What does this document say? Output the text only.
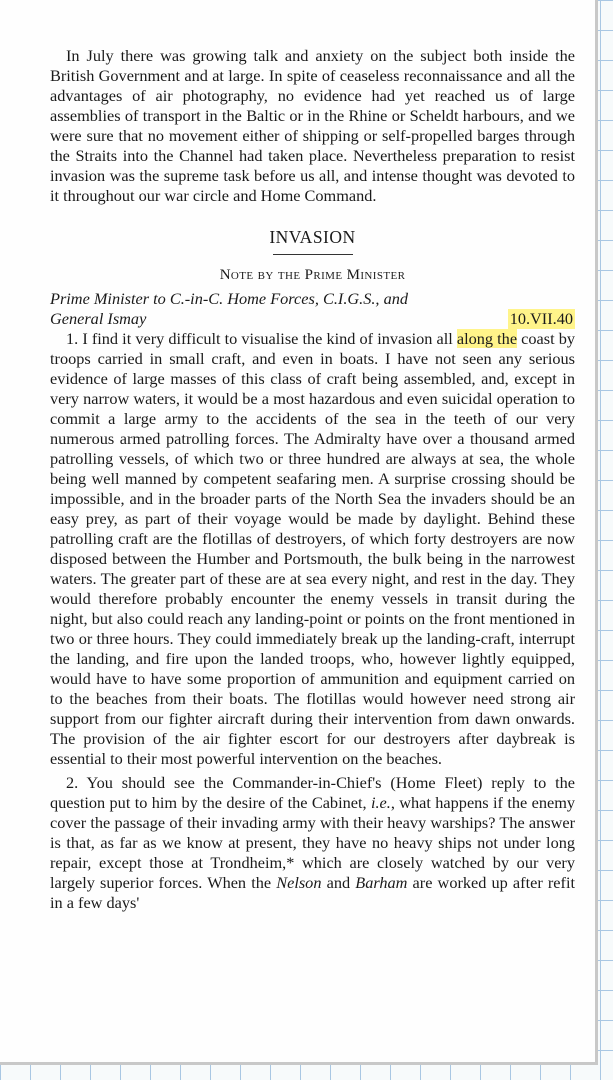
In July there was growing talk and anxiety on the subject both inside the British Government and at large. In spite of ceaseless reconnaissance and all the advantages of air photography, no evidence had yet reached us of large assemblies of transport in the Baltic or in the Rhine or Scheldt harbours, and we were sure that no movement either of shipping or self-propelled barges through the Straits into the Channel had taken place. Nevertheless preparation to resist invasion was the supreme task before us all, and intense thought was devoted to it throughout our war circle and Home Command.

INVASION
Note by the Prime Minister
Prime Minister to C.-in-C. Home Forces, C.I.G.S., and
General Ismay	10.VII.40

1. I find it very difficult to visualise the kind of invasion all along the coast by troops carried in small craft, and even in boats. I have not seen any serious evidence of large masses of this class of craft being assembled, and, except in very narrow waters, it would be a most hazardous and even suicidal operation to commit a large army to the accidents of the sea in the teeth of our very numerous armed patrolling forces. The Admiralty have over a thousand armed patrolling vessels, of which two or three hundred are always at sea, the whole being well manned by competent seafaring men. A surprise crossing should be impossible, and in the broader parts of the North Sea the invaders should be an easy prey, as part of their voyage would be made by daylight. Behind these patrolling craft are the flotillas of destroyers, of which forty destroyers are now disposed between the Humber and Portsmouth, the bulk being in the narrowest waters. The greater part of these are at sea every night, and rest in the day. They would therefore probably encounter the enemy vessels in transit during the night, but also could reach any landing-point or points on the front mentioned in two or three hours. They could immediately break up the landing-craft, interrupt the landing, and fire upon the landed troops, who, however lightly equipped, would have to have some proportion of ammunition and equipment carried on to the beaches from their boats. The flotillas would however need strong air support from our fighter aircraft during their intervention from dawn onwards. The provision of the air fighter escort for our destroyers after daybreak is essential to their most powerful intervention on the beaches.

2. You should see the Commander-in-Chief's (Home Fleet) reply to the question put to him by the desire of the Cabinet, i.e., what happens if the enemy cover the passage of their invading army with their heavy warships? The answer is that, as far as we know at present, they have no heavy ships not under long repair, except those at Trondheim,* which are closely watched by our very largely superior forces. When the Nelson and Barham are worked up after refit in a few days'
